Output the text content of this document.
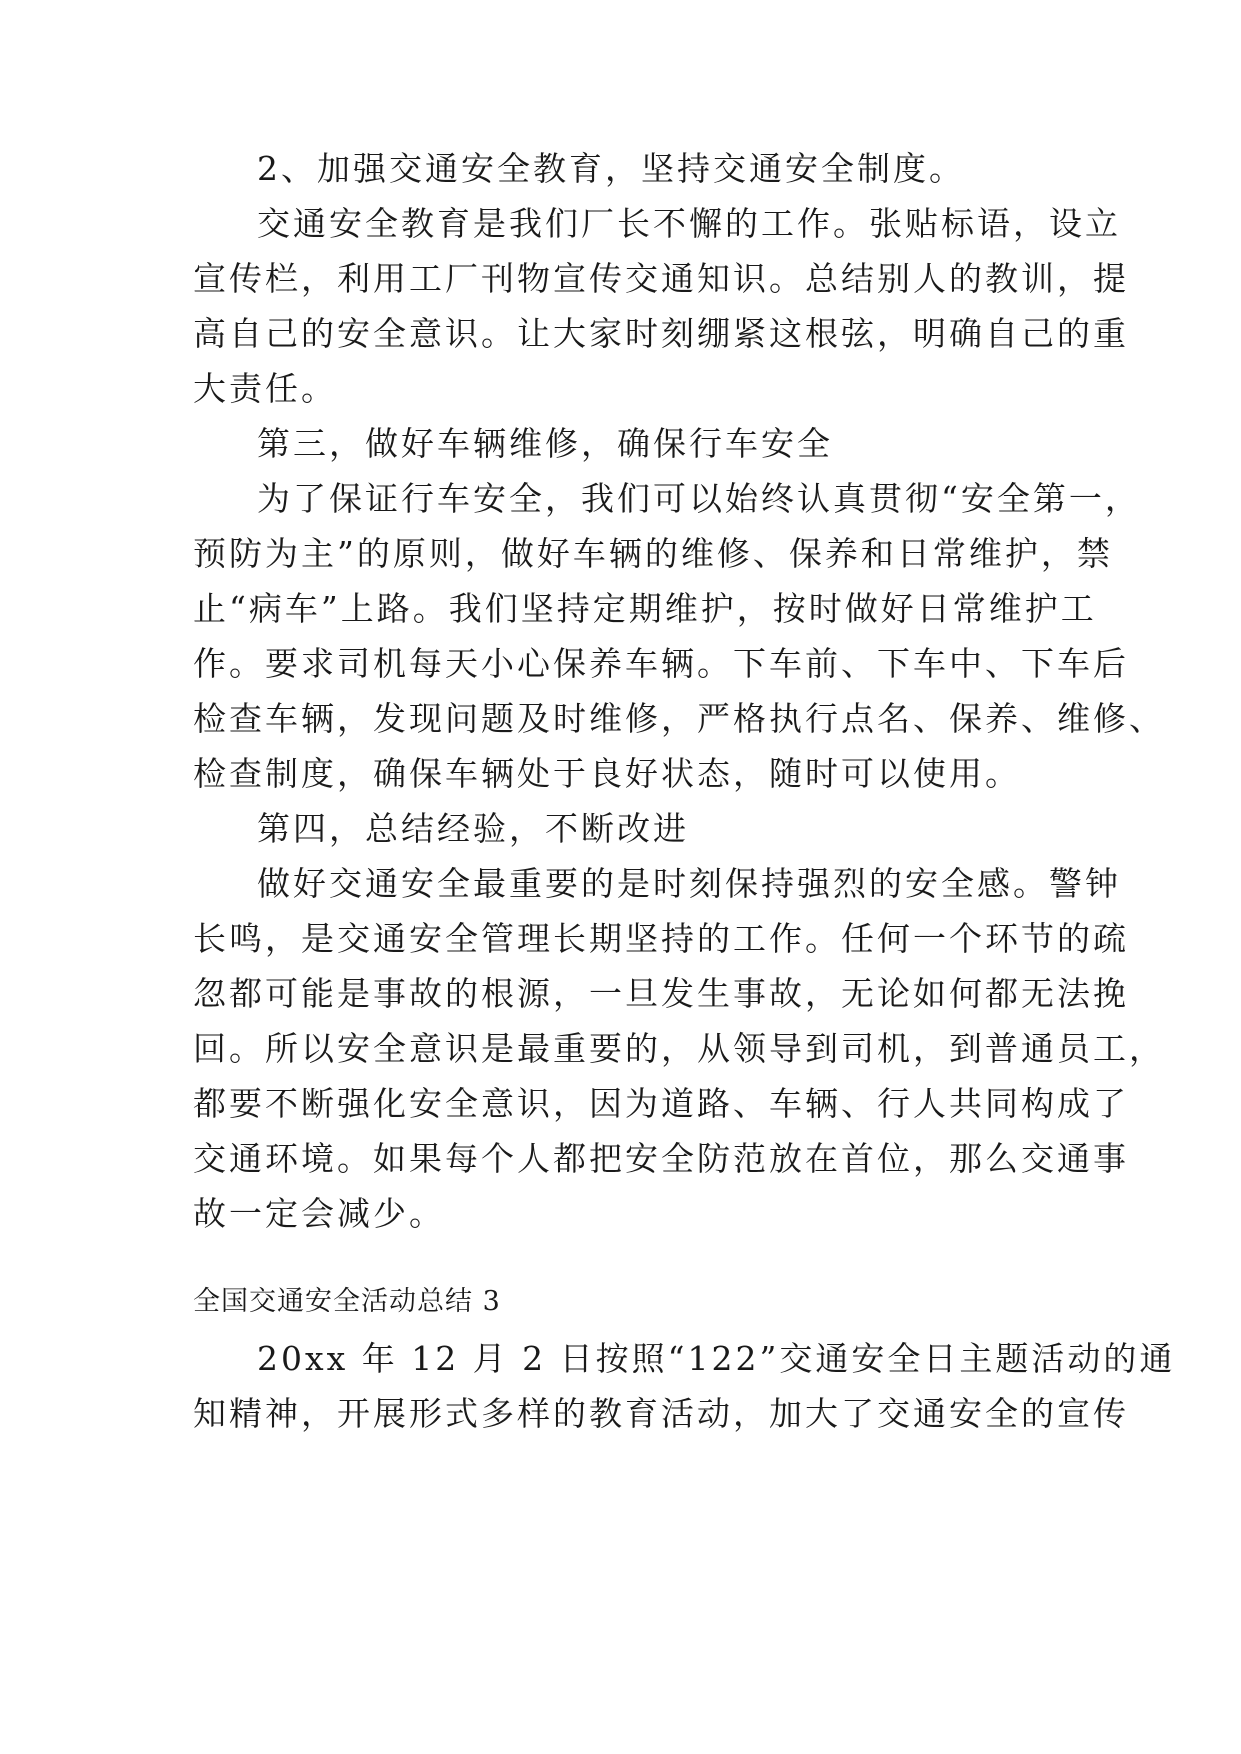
2、加强交通安全教育，坚持交通安全制度。
交通安全教育是我们厂长不懈的工作。张贴标语，设立
宣传栏，利用工厂刊物宣传交通知识。总结别人的教训，提
高自己的安全意识。让大家时刻绷紧这根弦，明确自己的重
大责任。
第三，做好车辆维修，确保行车安全
为了保证行车安全，我们可以始终认真贯彻“安全第一，
预防为主”的原则，做好车辆的维修、保养和日常维护，禁
止“病车”上路。我们坚持定期维护，按时做好日常维护工
作。要求司机每天小心保养车辆。下车前、下车中、下车后
检查车辆，发现问题及时维修，严格执行点名、保养、维修、
检查制度，确保车辆处于良好状态，随时可以使用。
第四，总结经验，不断改进
做好交通安全最重要的是时刻保持强烈的安全感。警钟
长鸣，是交通安全管理长期坚持的工作。任何一个环节的疏
忽都可能是事故的根源，一旦发生事故，无论如何都无法挽
回。所以安全意识是最重要的，从领导到司机，到普通员工，
都要不断强化安全意识，因为道路、车辆、行人共同构成了
交通环境。如果每个人都把安全防范放在首位，那么交通事
故一定会减少。
全国交通安全活动总结 3
20xx 年 12 月 2 日按照“122”交通安全日主题活动的通
知精神，开展形式多样的教育活动，加大了交通安全的宣传
